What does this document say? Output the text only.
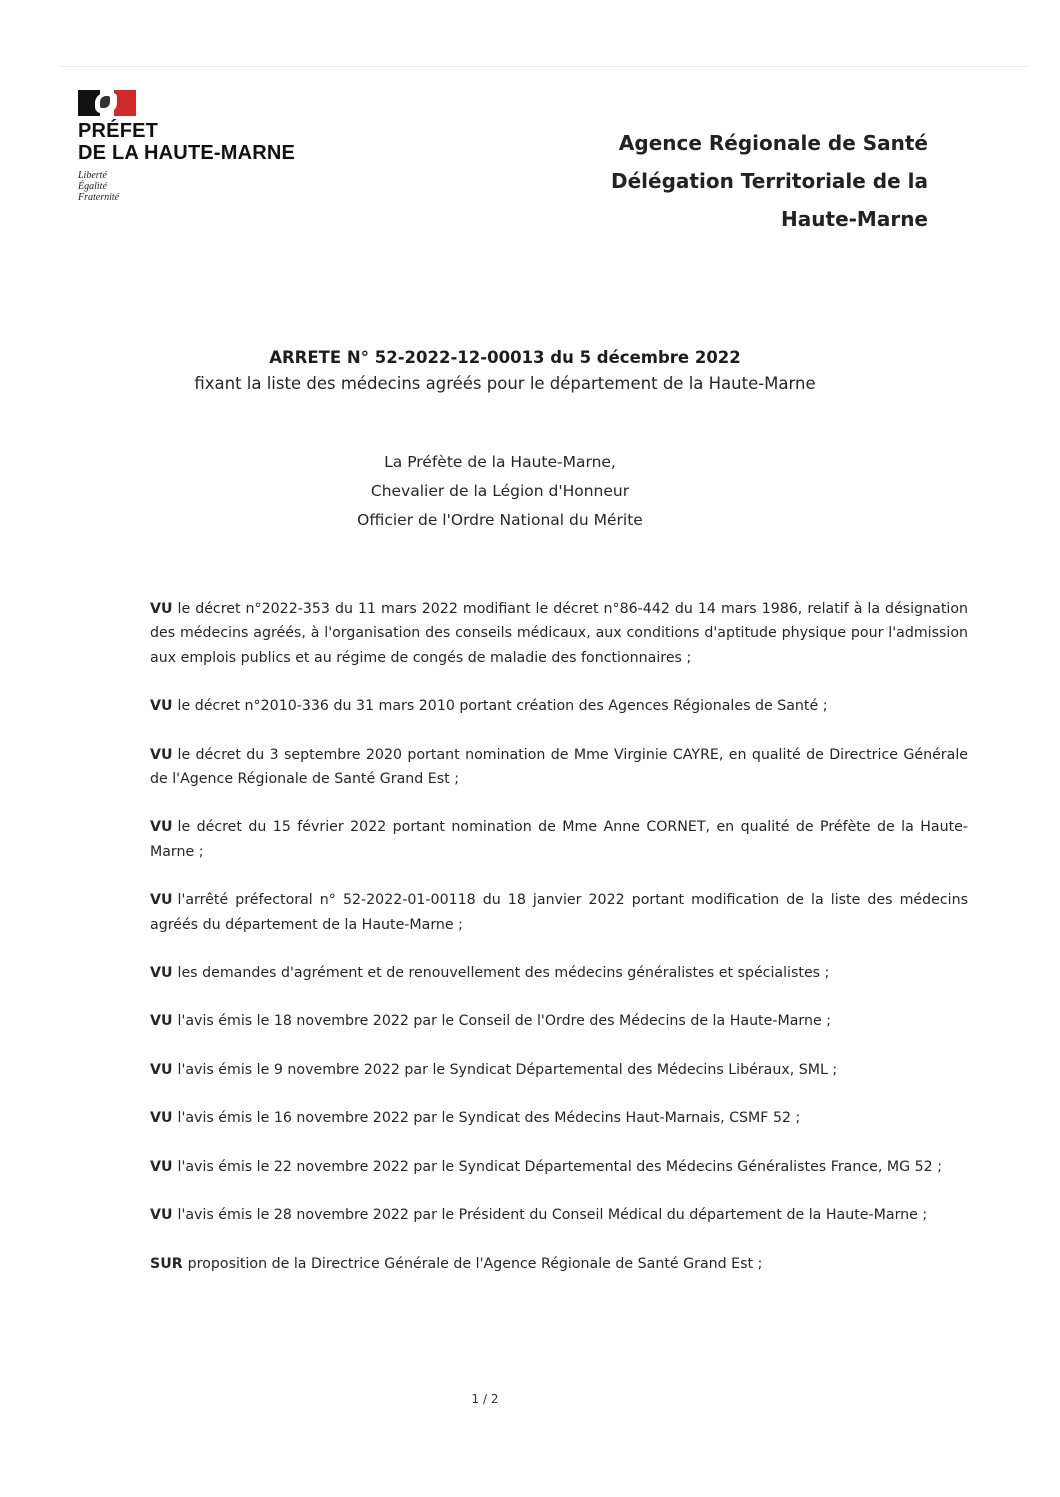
PRÉFET
DE LA HAUTE-MARNE
Liberté
Égalité
Fraternité
Agence Régionale de Santé
Délégation Territoriale de la
Haute-Marne
ARRETE N° 52-2022-12-00013 du 5 décembre 2022
fixant la liste des médecins agréés pour le département de la Haute-Marne
La Préfète de la Haute-Marne,
Chevalier de la Légion d'Honneur
Officier de l'Ordre National du Mérite

VU le décret n°2022-353 du 11 mars 2022 modifiant le décret n°86-442 du 14 mars 1986, relatif à la désignation des médecins agréés, à l'organisation des conseils médicaux, aux conditions d'aptitude physique pour l'admission aux emplois publics et au régime de congés de maladie des fonctionnaires ;

VU le décret n°2010-336 du 31 mars 2010 portant création des Agences Régionales de Santé ;

VU le décret du 3 septembre 2020 portant nomination de Mme Virginie CAYRE, en qualité de Directrice Générale de l'Agence Régionale de Santé Grand Est ;

VU le décret du 15 février 2022 portant nomination de Mme Anne CORNET, en qualité de Préfète de la Haute-Marne ;

VU l'arrêté préfectoral n° 52-2022-01-00118 du 18 janvier 2022 portant modification de la liste des médecins agréés du département de la Haute-Marne ;

VU les demandes d'agrément et de renouvellement des médecins généralistes et spécialistes ;

VU l'avis émis le 18 novembre 2022 par le Conseil de l'Ordre des Médecins de la Haute-Marne ;

VU l'avis émis le 9 novembre 2022 par le Syndicat Départemental des Médecins Libéraux, SML ;

VU l'avis émis le 16 novembre 2022 par le Syndicat des Médecins Haut-Marnais, CSMF 52 ;

VU l'avis émis le 22 novembre 2022 par le Syndicat Départemental des Médecins Généralistes France, MG 52 ;

VU l'avis émis le 28 novembre 2022 par le Président du Conseil Médical du département de la Haute-Marne ;

SUR proposition de la Directrice Générale de l'Agence Régionale de Santé Grand Est ;

1 / 2
